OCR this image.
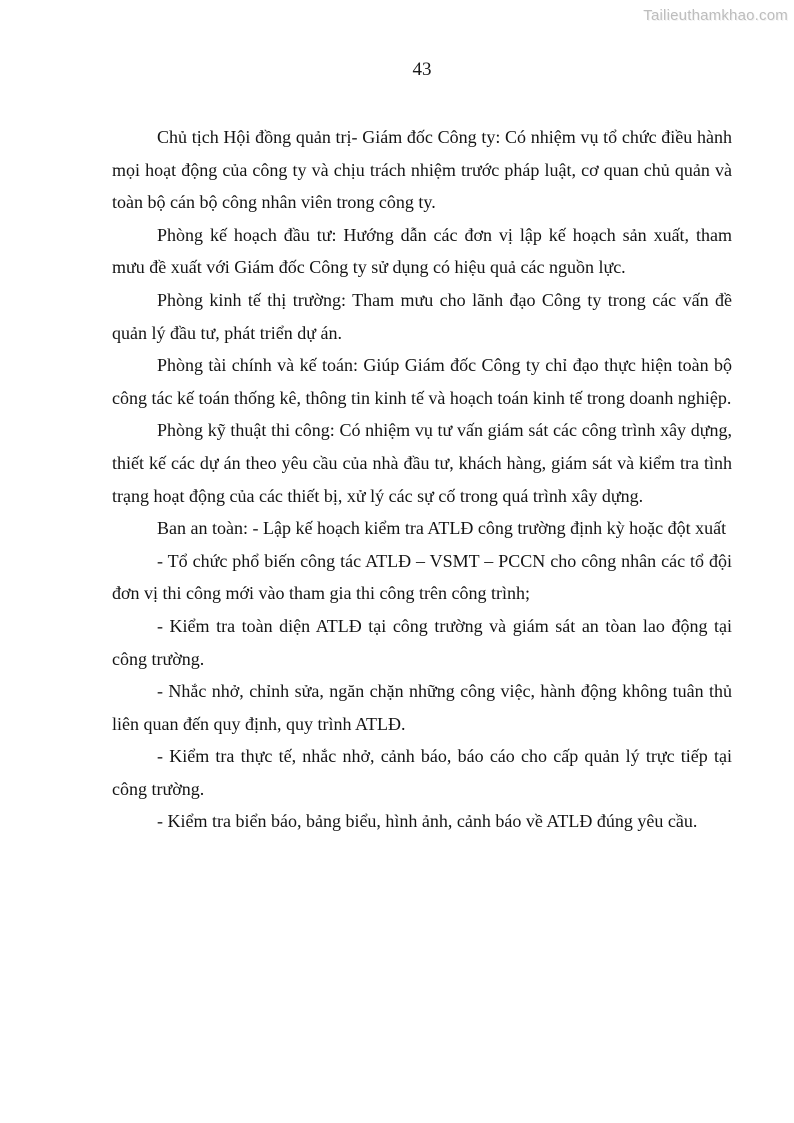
Tailieuthamkhao.com
43

Chủ tịch Hội đồng quản trị- Giám đốc Công ty: Có nhiệm vụ tổ chức điều hành mọi hoạt động của công ty và chịu trách nhiệm trước pháp luật, cơ quan chủ quản và toàn bộ cán bộ công nhân viên trong công ty.

Phòng kế hoạch đầu tư: Hướng dẫn các đơn vị lập kế hoạch sản xuất, tham mưu đề xuất với Giám đốc Công ty sử dụng có hiệu quả các nguồn lực.

Phòng kinh tế thị trường: Tham mưu cho lãnh đạo Công ty trong các vấn đề quản lý đầu tư, phát triển dự án.

Phòng tài chính và kế toán: Giúp Giám đốc Công ty chỉ đạo thực hiện toàn bộ công tác kế toán thống kê, thông tin kinh tế và hoạch toán kinh tế trong doanh nghiệp.

Phòng kỹ thuật thi công: Có nhiệm vụ tư vấn giám sát các công trình xây dựng, thiết kế các dự án theo yêu cầu của nhà đầu tư, khách hàng, giám sát và kiểm tra tình trạng hoạt động của các thiết bị, xử lý các sự cố trong quá trình xây dựng.

Ban an toàn: - Lập kế hoạch kiểm tra ATLĐ công trường định kỳ hoặc đột xuất

- Tổ chức phổ biến công tác ATLĐ – VSMT – PCCN cho công nhân các tổ đội đơn vị thi công mới vào tham gia thi công trên công trình;

- Kiểm tra toàn diện ATLĐ tại công trường và giám sát an tòan lao động tại công trường.

- Nhắc nhở, chỉnh sửa, ngăn chặn những công việc, hành động không tuân thủ liên quan đến quy định, quy trình ATLĐ.

- Kiểm tra thực tế, nhắc nhở, cảnh báo, báo cáo cho cấp quản lý trực tiếp tại công trường.

- Kiểm tra biển báo, bảng biểu, hình ảnh, cảnh báo về ATLĐ đúng yêu cầu.
